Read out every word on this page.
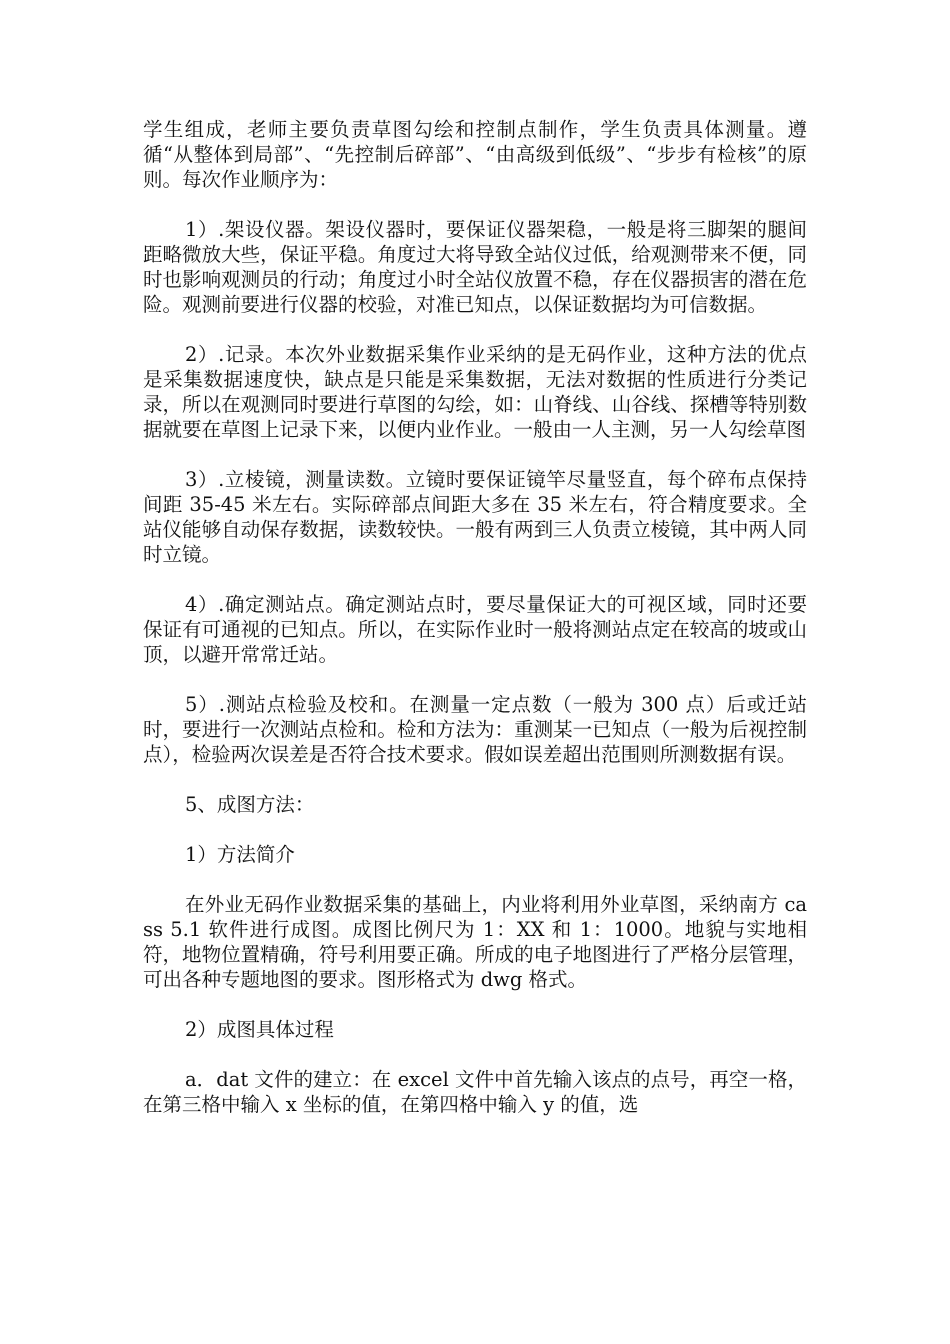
学生组成，老师主要负责草图勾绘和控制点制作，学生负责具体测量。遵循“从整体到局部”、“先控制后碎部”、“由高级到低级”、“步步有检核”的原则。每次作业顺序为：

1）.架设仪器。架设仪器时，要保证仪器架稳，一般是将三脚架的腿间距略微放大些，保证平稳。角度过大将导致全站仪过低，给观测带来不便，同时也影响观测员的行动；角度过小时全站仪放置不稳，存在仪器损害的潜在危险。观测前要进行仪器的校验，对准已知点，以保证数据均为可信数据。

2）.记录。本次外业数据采集作业采纳的是无码作业，这种方法的优点是采集数据速度快，缺点是只能是采集数据，无法对数据的性质进行分类记录，所以在观测同时要进行草图的勾绘，如：山脊线、山谷线、探槽等特别数据就要在草图上记录下来，以便内业作业。一般由一人主测，另一人勾绘草图

3）.立棱镜，测量读数。立镜时要保证镜竿尽量竖直，每个碎布点保持间距 35-45 米左右。实际碎部点间距大多在 35 米左右，符合精度要求。全站仪能够自动保存数据，读数较快。一般有两到三人负责立棱镜，其中两人同时立镜。

4）.确定测站点。确定测站点时，要尽量保证大的可视区域，同时还要保证有可通视的已知点。所以，在实际作业时一般将测站点定在较高的坡或山顶，以避开常常迁站。

5）.测站点检验及校和。在测量一定点数（一般为 300 点）后或迁站时，要进行一次测站点检和。检和方法为：重测某一已知点（一般为后视控制点），检验两次误差是否符合技术要求。假如误差超出范围则所测数据有误。

5、成图方法：

1）方法简介

在外业无码作业数据采集的基础上，内业将利用外业草图，采纳南方 cass 5.1 软件进行成图。成图比例尺为 1：XX 和 1：1000。地貌与实地相符，地物位置精确，符号利用要正确。所成的电子地图进行了严格分层管理，可出各种专题地图的要求。图形格式为 dwg 格式。

2）成图具体过程

a．dat 文件的建立：在 excel 文件中首先输入该点的点号，再空一格，在第三格中输入 x 坐标的值，在第四格中输入 y 的值，选
